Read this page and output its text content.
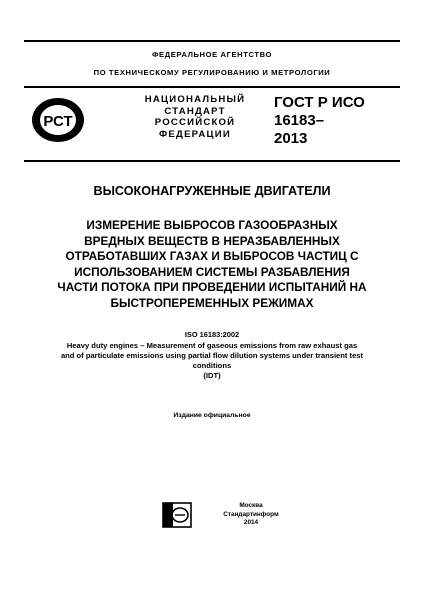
ФЕДЕРАЛЬНОЕ АГЕНТСТВО
ПО ТЕХНИЧЕСКОМУ РЕГУЛИРОВАНИЮ И МЕТРОЛОГИИ
РСТ
НАЦИОНАЛЬНЫЙ
СТАНДАРТ
РОССИЙСКОЙ
ФЕДЕРАЦИИ
ГОСТ Р ИСО
16183–
2013
ВЫСОКОНАГРУЖЕННЫЕ ДВИГАТЕЛИ
ИЗМЕРЕНИЕ ВЫБРОСОВ ГАЗООБРАЗНЫХ
ВРЕДНЫХ ВЕЩЕСТВ В НЕРАЗБАВЛЕННЫХ
ОТРАБОТАВШИХ ГАЗАХ И ВЫБРОСОВ ЧАСТИЦ С
ИСПОЛЬЗОВАНИЕМ СИСТЕМЫ РАЗБАВЛЕНИЯ
ЧАСТИ ПОТОКА ПРИ ПРОВЕДЕНИИ ИСПЫТАНИЙ НА
БЫСТРОПЕРЕМЕННЫХ РЕЖИМАХ
ISO 16183:2002
Heavy duty engines – Measurement of gaseous emissions from raw exhaust gas
and of particulate emissions using partial flow dilution systems under transient test
conditions
(IDT)
Издание официальное
Москва
Стандартинформ
2014
